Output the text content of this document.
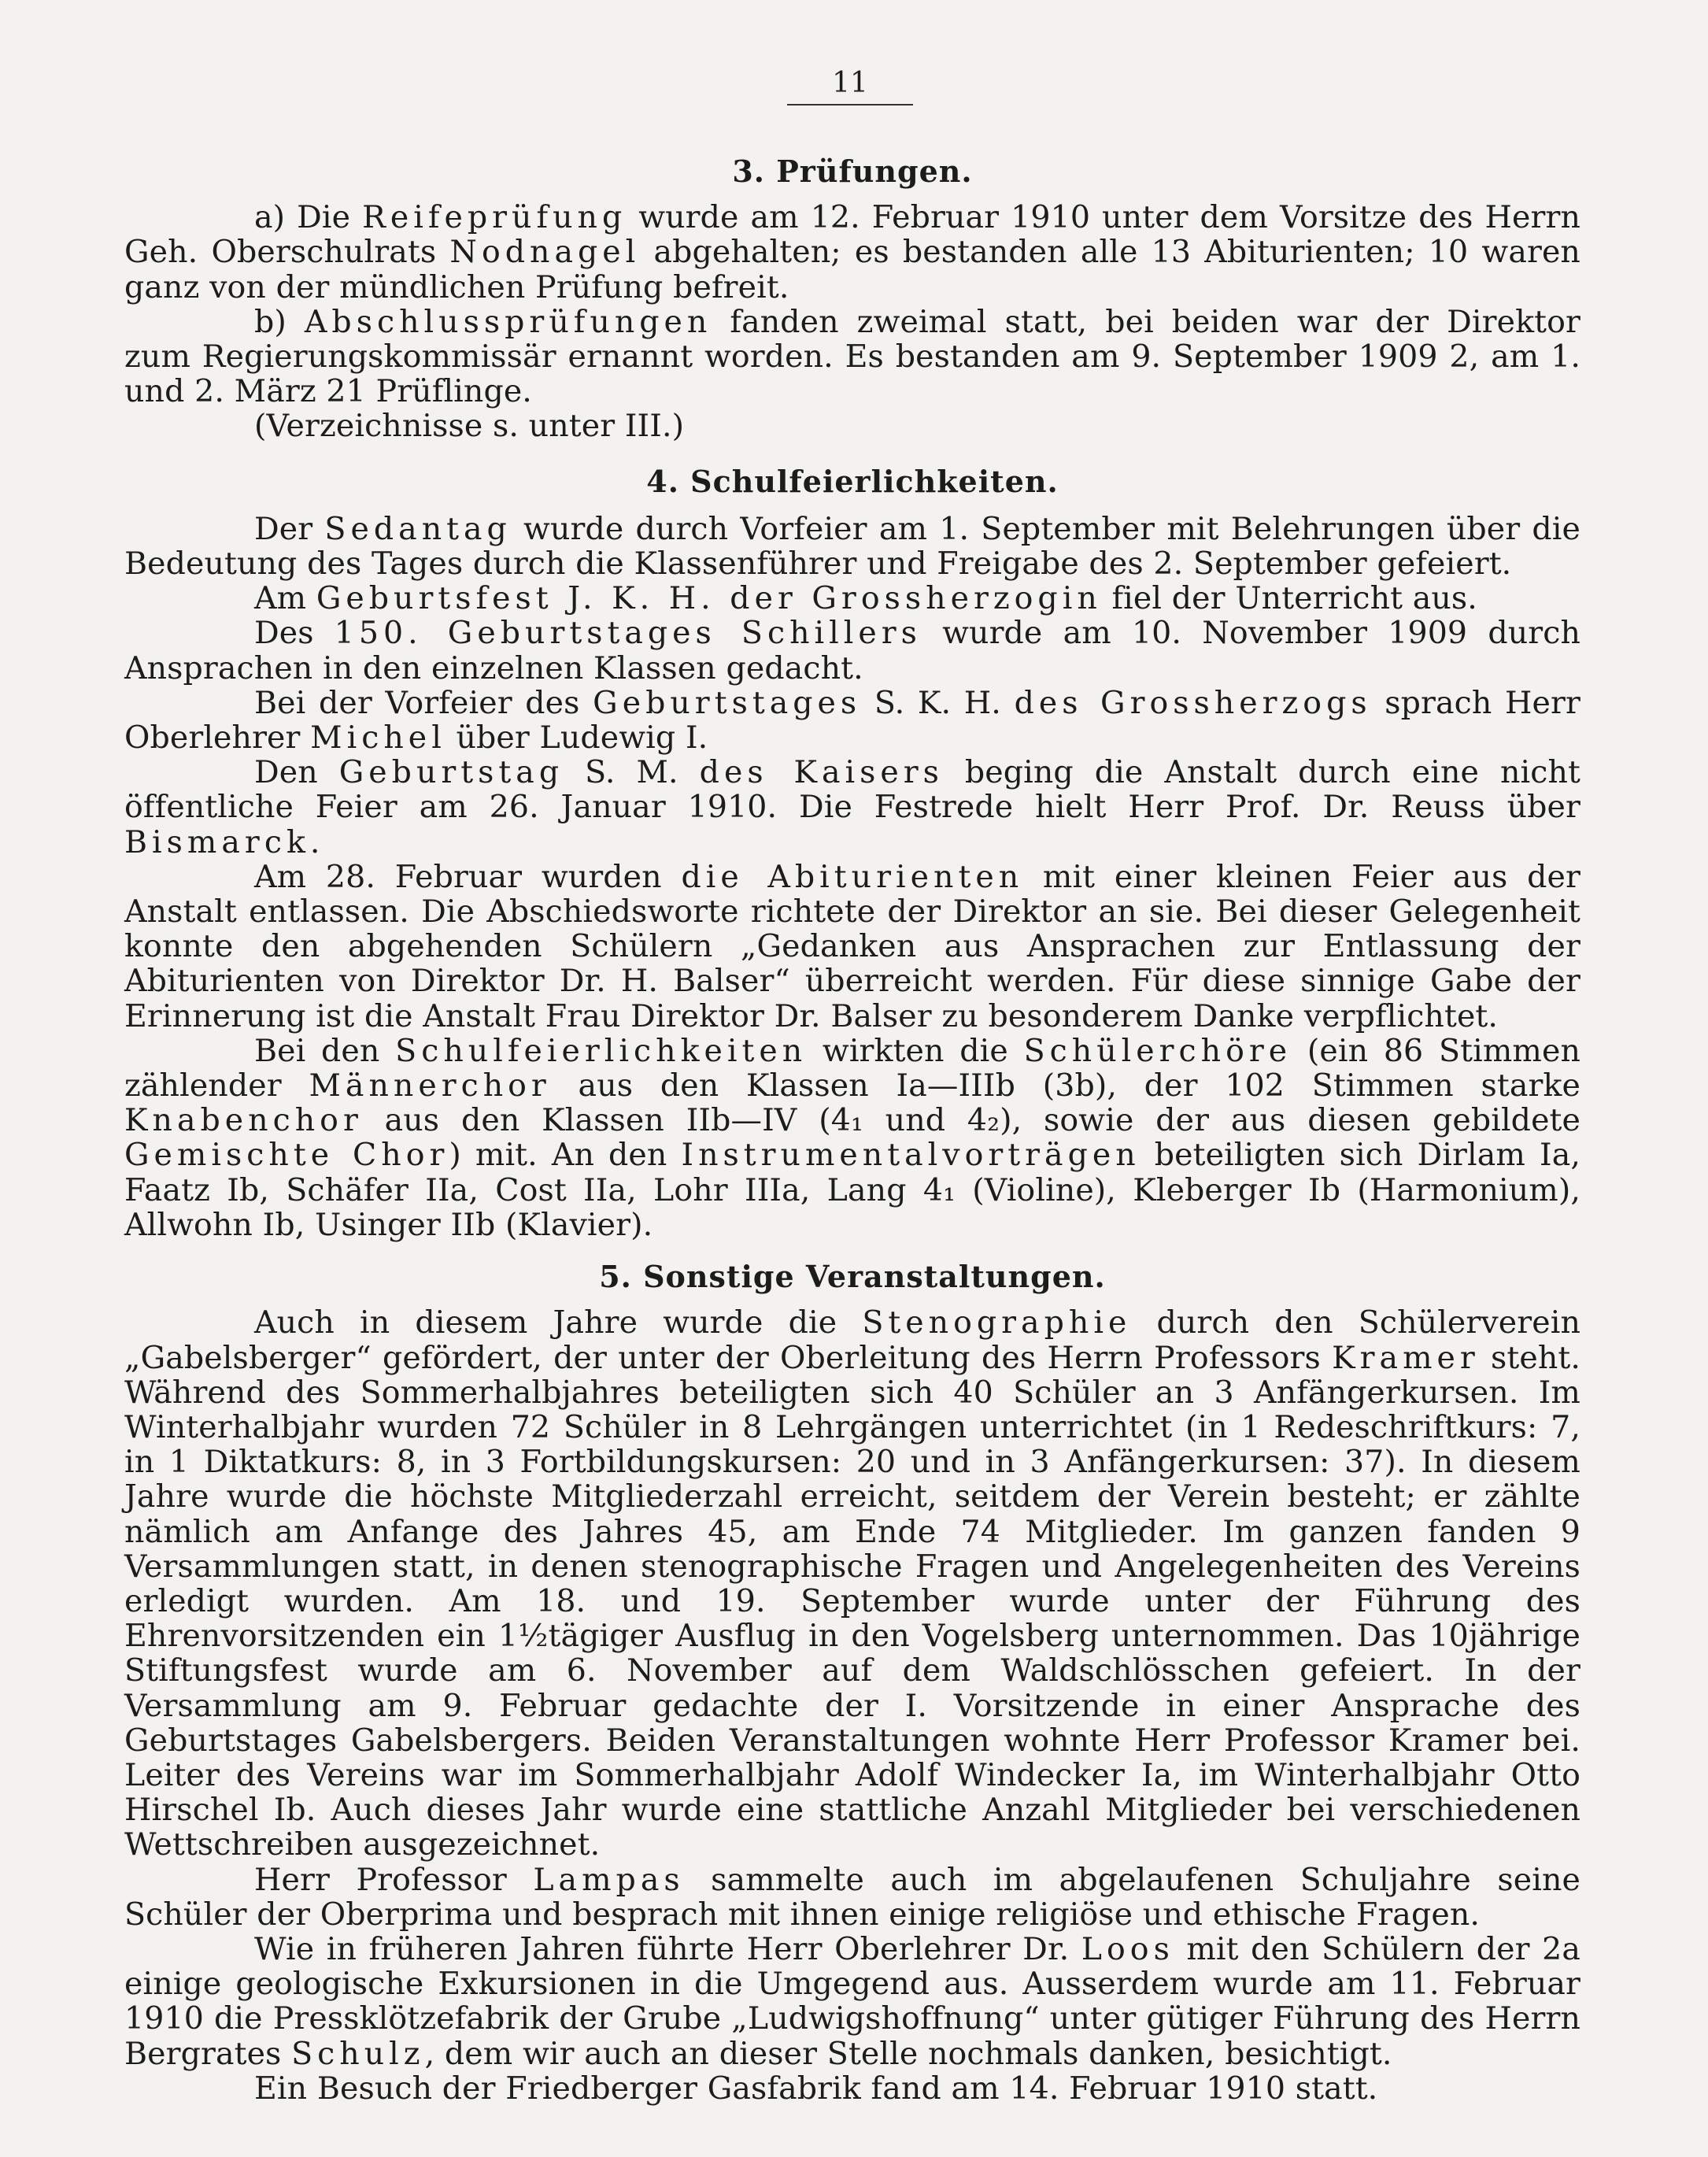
11
3. Prüfungen.

a) Die Reifeprüfung wurde am 12. Februar 1910 unter dem Vorsitze des Herrn Geh. Oberschulrats Nodnagel abgehalten; es bestanden alle 13 Abiturienten; 10 waren ganz von der mündlichen Prüfung befreit.

b) Abschlussprüfungen fanden zweimal statt, bei beiden war der Direktor zum Regierungskommissär ernannt worden. Es bestanden am 9. September 1909 2, am 1. und 2. März 21 Prüflinge.

(Verzeichnisse s. unter III.)

4. Schulfeierlichkeiten.

Der Sedantag wurde durch Vorfeier am 1. September mit Belehrungen über die Bedeutung des Tages durch die Klassenführer und Freigabe des 2. September gefeiert.

Am Geburtsfest J. K. H. der Grossherzogin fiel der Unterricht aus.

Des 150. Geburtstages Schillers wurde am 10. November 1909 durch Ansprachen in den einzelnen Klassen gedacht.

Bei der Vorfeier des Geburtstages S. K. H. des Grossherzogs sprach Herr Oberlehrer Michel über Ludewig I.

Den Geburtstag S. M. des Kaisers beging die Anstalt durch eine nicht öffentliche Feier am 26. Januar 1910. Die Festrede hielt Herr Prof. Dr. Reuss über Bismarck.

Am 28. Februar wurden die Abiturienten mit einer kleinen Feier aus der Anstalt entlassen. Die Abschiedsworte richtete der Direktor an sie. Bei dieser Gelegenheit konnte den abgehenden Schülern „Gedanken aus Ansprachen zur Entlassung der Abiturienten von Direktor Dr. H. Balser“ überreicht werden. Für diese sinnige Gabe der Erinnerung ist die Anstalt Frau Direktor Dr. Balser zu besonderem Danke verpflichtet.

Bei den Schulfeierlichkeiten wirkten die Schülerchöre (ein 86 Stimmen zählender Männerchor aus den Klassen Ia—IIIb (3b), der 102 Stimmen starke Knabenchor aus den Klassen IIb—IV (4₁ und 4₂), sowie der aus diesen gebildete Gemischte Chor) mit. An den Instrumentalvorträgen beteiligten sich Dirlam Ia, Faatz Ib, Schäfer IIa, Cost IIa, Lohr IIIa, Lang 4₁ (Violine), Kleberger Ib (Harmonium), Allwohn Ib, Usinger IIb (Klavier).

5. Sonstige Veranstaltungen.

Auch in diesem Jahre wurde die Stenographie durch den Schülerverein „Gabelsberger“ gefördert, der unter der Oberleitung des Herrn Professors Kramer steht. Während des Sommerhalbjahres beteiligten sich 40 Schüler an 3 Anfängerkursen. Im Winterhalbjahr wurden 72 Schüler in 8 Lehrgängen unterrichtet (in 1 Redeschriftkurs: 7, in 1 Diktatkurs: 8, in 3 Fortbildungskursen: 20 und in 3 Anfängerkursen: 37). In diesem Jahre wurde die höchste Mitgliederzahl erreicht, seitdem der Verein besteht; er zählte nämlich am Anfange des Jahres 45, am Ende 74 Mitglieder. Im ganzen fanden 9 Versammlungen statt, in denen stenographische Fragen und Angelegenheiten des Vereins erledigt wurden. Am 18. und 19. September wurde unter der Führung des Ehrenvorsitzenden ein 1½tägiger Ausflug in den Vogelsberg unternommen. Das 10jährige Stiftungsfest wurde am 6. November auf dem Waldschlösschen gefeiert. In der Versammlung am 9. Februar gedachte der I. Vorsitzende in einer Ansprache des Geburtstages Gabelsbergers. Beiden Veranstaltungen wohnte Herr Professor Kramer bei. Leiter des Vereins war im Sommerhalbjahr Adolf Windecker Ia, im Winterhalbjahr Otto Hirschel Ib. Auch dieses Jahr wurde eine stattliche Anzahl Mitglieder bei verschiedenen Wettschreiben ausgezeichnet.

Herr Professor Lampas sammelte auch im abgelaufenen Schuljahre seine Schüler der Oberprima und besprach mit ihnen einige religiöse und ethische Fragen.

Wie in früheren Jahren führte Herr Oberlehrer Dr. Loos mit den Schülern der 2a einige geologische Exkursionen in die Umgegend aus. Ausserdem wurde am 11. Februar 1910 die Pressklötzefabrik der Grube „Ludwigshoffnung“ unter gütiger Führung des Herrn Bergrates Schulz, dem wir auch an dieser Stelle nochmals danken, besichtigt.

Ein Besuch der Friedberger Gasfabrik fand am 14. Februar 1910 statt.
